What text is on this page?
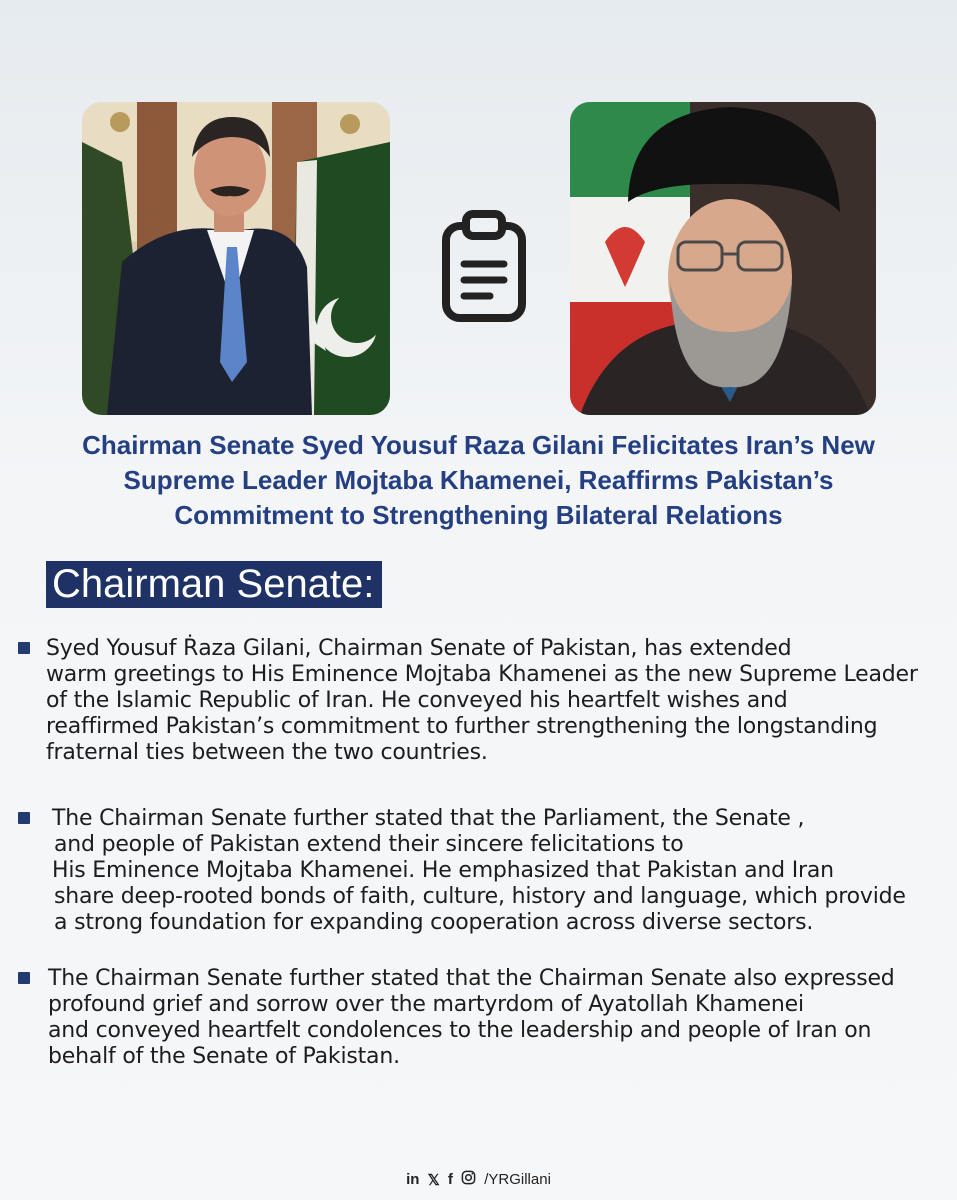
Chairman Senate Syed Yousuf Raza Gilani Felicitates Iran’s New
Supreme Leader Mojtaba Khamenei, Reaffirms Pakistan’s
Commitment to Strengthening Bilateral Relations
Chairman Senate:
Syed Yousuf Ṙaza Gilani, Chairman Senate of Pakistan, has extended
warm greetings to His Eminence Mojtaba Khamenei as the new Supreme Leader
of the Islamic Republic of Iran. He conveyed his heartfelt wishes and
reaffirmed Pakistan’s commitment to further strengthening the longstanding
fraternal ties between the two countries.
The Chairman Senate further stated that the Parliament, the Senate ,
and people of Pakistan extend their sincere felicitations to
His Eminence Mojtaba Khamenei. He emphasized that Pakistan and Iran
share deep-rooted bonds of faith, culture, history and language, which provide
a strong foundation for expanding cooperation across diverse sectors.
The Chairman Senate further stated that the Chairman Senate also expressed
profound grief and sorrow over the martyrdom of Ayatollah Khamenei
and conveyed heartfelt condolences to the leadership and people of Iran on
behalf of the Senate of Pakistan.
in 𝕏 f /YRGillani
